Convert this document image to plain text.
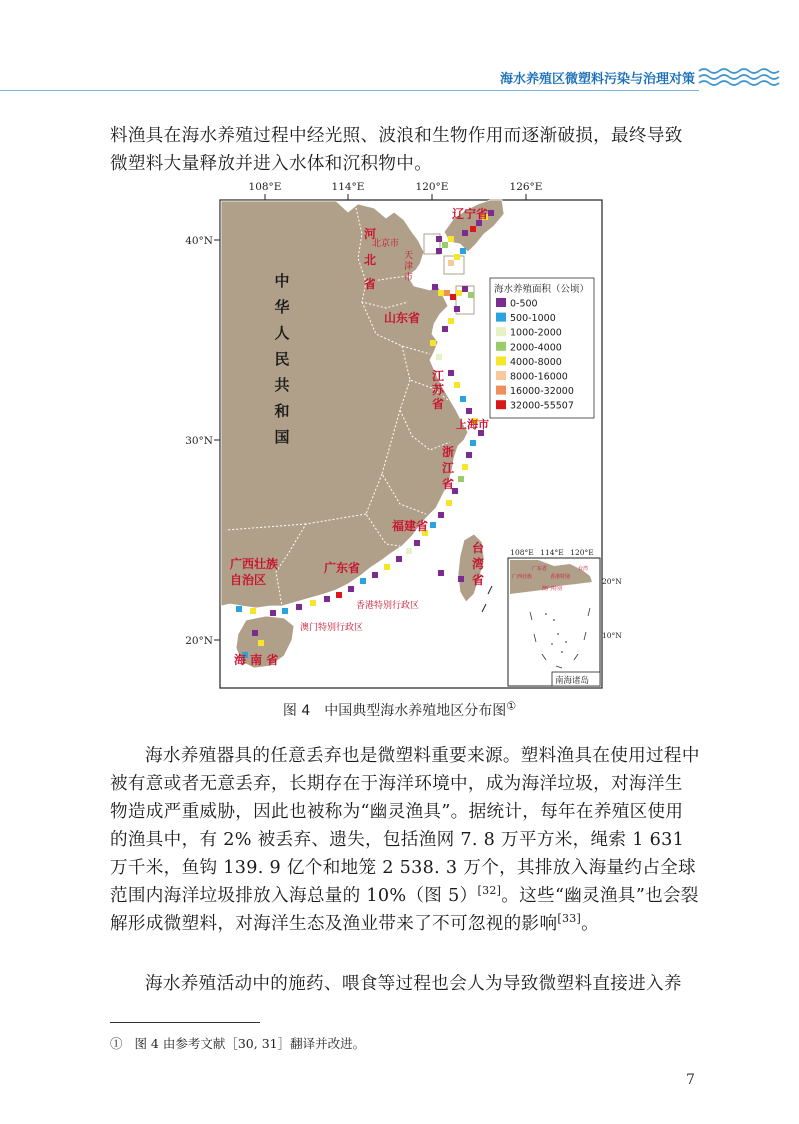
海水养殖区微塑料污染与治理对策

料渔具在海水养殖过程中经光照、波浪和生物作用而逐渐破损，最终导致微塑料大量释放并进入水体和沉积物中。

108°E	114°E	120°E	126°E
40°N
30°N
20°N
中
华
人
民
共
和
国
辽宁省
河
北
省
北京市
天
津
市
山东省
江
苏
省
上海市
浙
江
省
福建省
台
湾
省
广东省
广西壮族
自治区
香港特别行政区
澳门特别行政区
海 南 省
海水养殖面积（公顷）
0-500
500-1000
1000-2000
2000-4000
4000-8000
8000-16000
16000-32000
32000-55507
108°E 114°E 120°E
20°N
10°N
广西壮族
广东省
香港特别
澳门特别
台湾
南海诸岛
图 4　中国典型海水养殖地区分布图①

海水养殖器具的任意丢弃也是微塑料重要来源。塑料渔具在使用过程中被有意或者无意丢弃，长期存在于海洋环境中，成为海洋垃圾，对海洋生物造成严重威胁，因此也被称为“幽灵渔具”。据统计，每年在养殖区使用的渔具中，有 2% 被丢弃、遗失，包括渔网 7. 8 万平方米，绳索 1 631 万千米，鱼钩 139. 9 亿个和地笼 2 538. 3 万个，其排放入海量约占全球范围内海洋垃圾排放入海总量的 10%（图 5）[32]。这些“幽灵渔具”也会裂解形成微塑料，对海洋生态及渔业带来了不可忽视的影响[33]。

海水养殖活动中的施药、喂食等过程也会人为导致微塑料直接进入养

① 图 4 由参考文献［30, 31］翻译并改进。
7
